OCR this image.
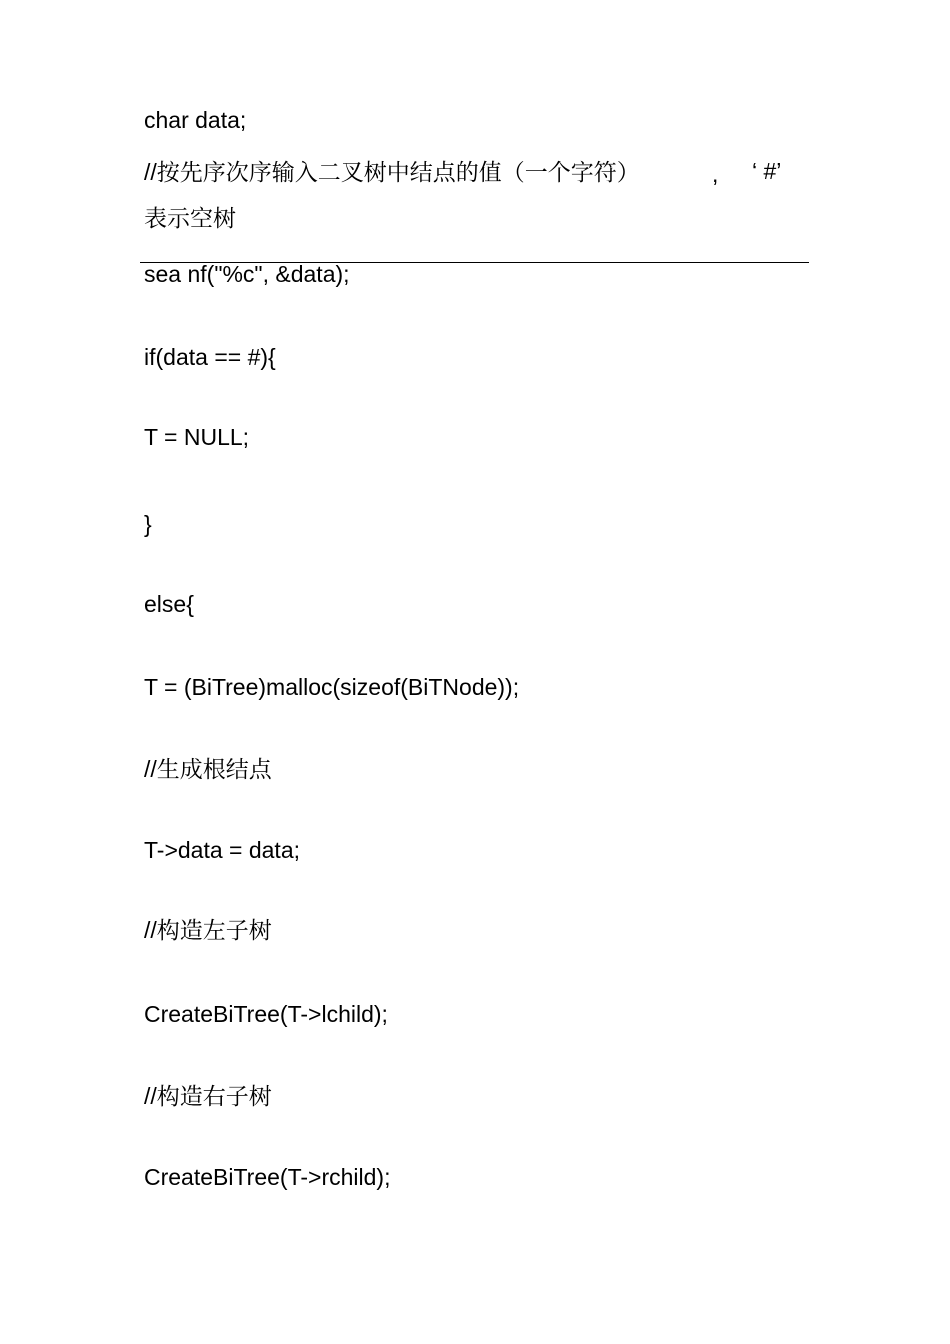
char data;
//按先序次序输入二叉树中结点的值（一个字符）	, ‘ #’
表示空树
sea nf("%c", &data);
if(data == #){
T = NULL;
}
else{
T = (BiTree)malloc(sizeof(BiTNode));
//生成根结点
T->data = data;
//构造左子树
CreateBiTree(T->lchild);
//构造右子树
CreateBiTree(T->rchild);
